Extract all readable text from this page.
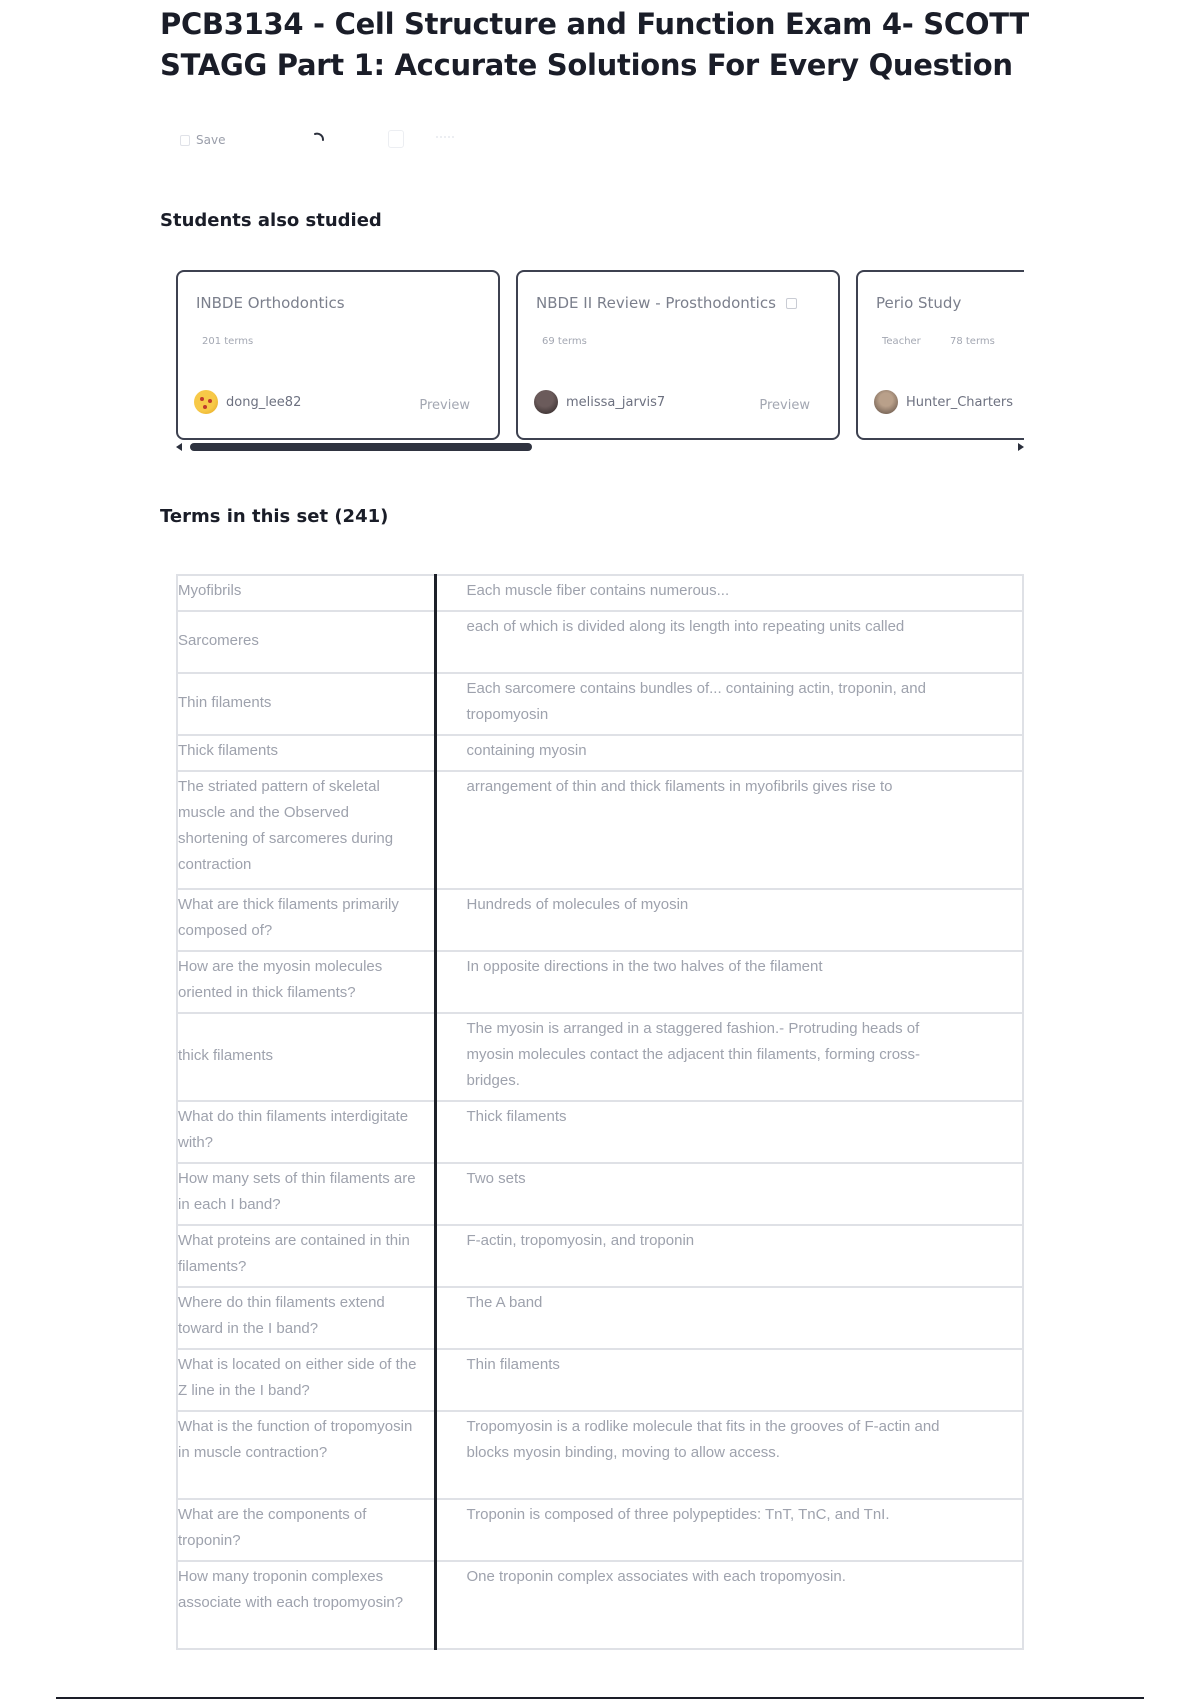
PCB3134 - Cell Structure and Function Exam 4- SCOTT STAGG Part 1: Accurate Solutions For Every Question
Save
Students also studied
INBDE Orthodontics
201 terms
dong_lee82	Preview
NBDE II Review - Prosthodontics
69 terms
melissa_jarvis7	Preview
Perio Study
Teacher	78 terms
Hunter_Charters
Terms in this set (241)
Myofibrils	Each muscle fiber contains numerous...
Sarcomeres	each of which is divided along its length into repeating units called
Thin filaments	Each sarcomere contains bundles of... containing actin, troponin, and tropomyosin
Thick filaments	containing myosin
The striated pattern of skeletal muscle and the Observed shortening of sarcomeres during contraction	arrangement of thin and thick filaments in myofibrils gives rise to
What are thick filaments primarily composed of?	Hundreds of molecules of myosin
How are the myosin molecules oriented in thick filaments?	In opposite directions in the two halves of the filament
thick filaments	The myosin is arranged in a staggered fashion.- Protruding heads of myosin molecules contact the adjacent thin filaments, forming cross-bridges.
What do thin filaments interdigitate with?	Thick filaments
How many sets of thin filaments are in each I band?	Two sets
What proteins are contained in thin filaments?	F-actin, tropomyosin, and troponin
Where do thin filaments extend toward in the I band?	The A band
What is located on either side of the Z line in the I band?	Thin filaments
What is the function of tropomyosin in muscle contraction?	Tropomyosin is a rodlike molecule that fits in the grooves of F-actin and blocks myosin binding, moving to allow access.
What are the components of troponin?	Troponin is composed of three polypeptides: TnT, TnC, and TnI.
How many troponin complexes associate with each tropomyosin?	One troponin complex associates with each tropomyosin.
